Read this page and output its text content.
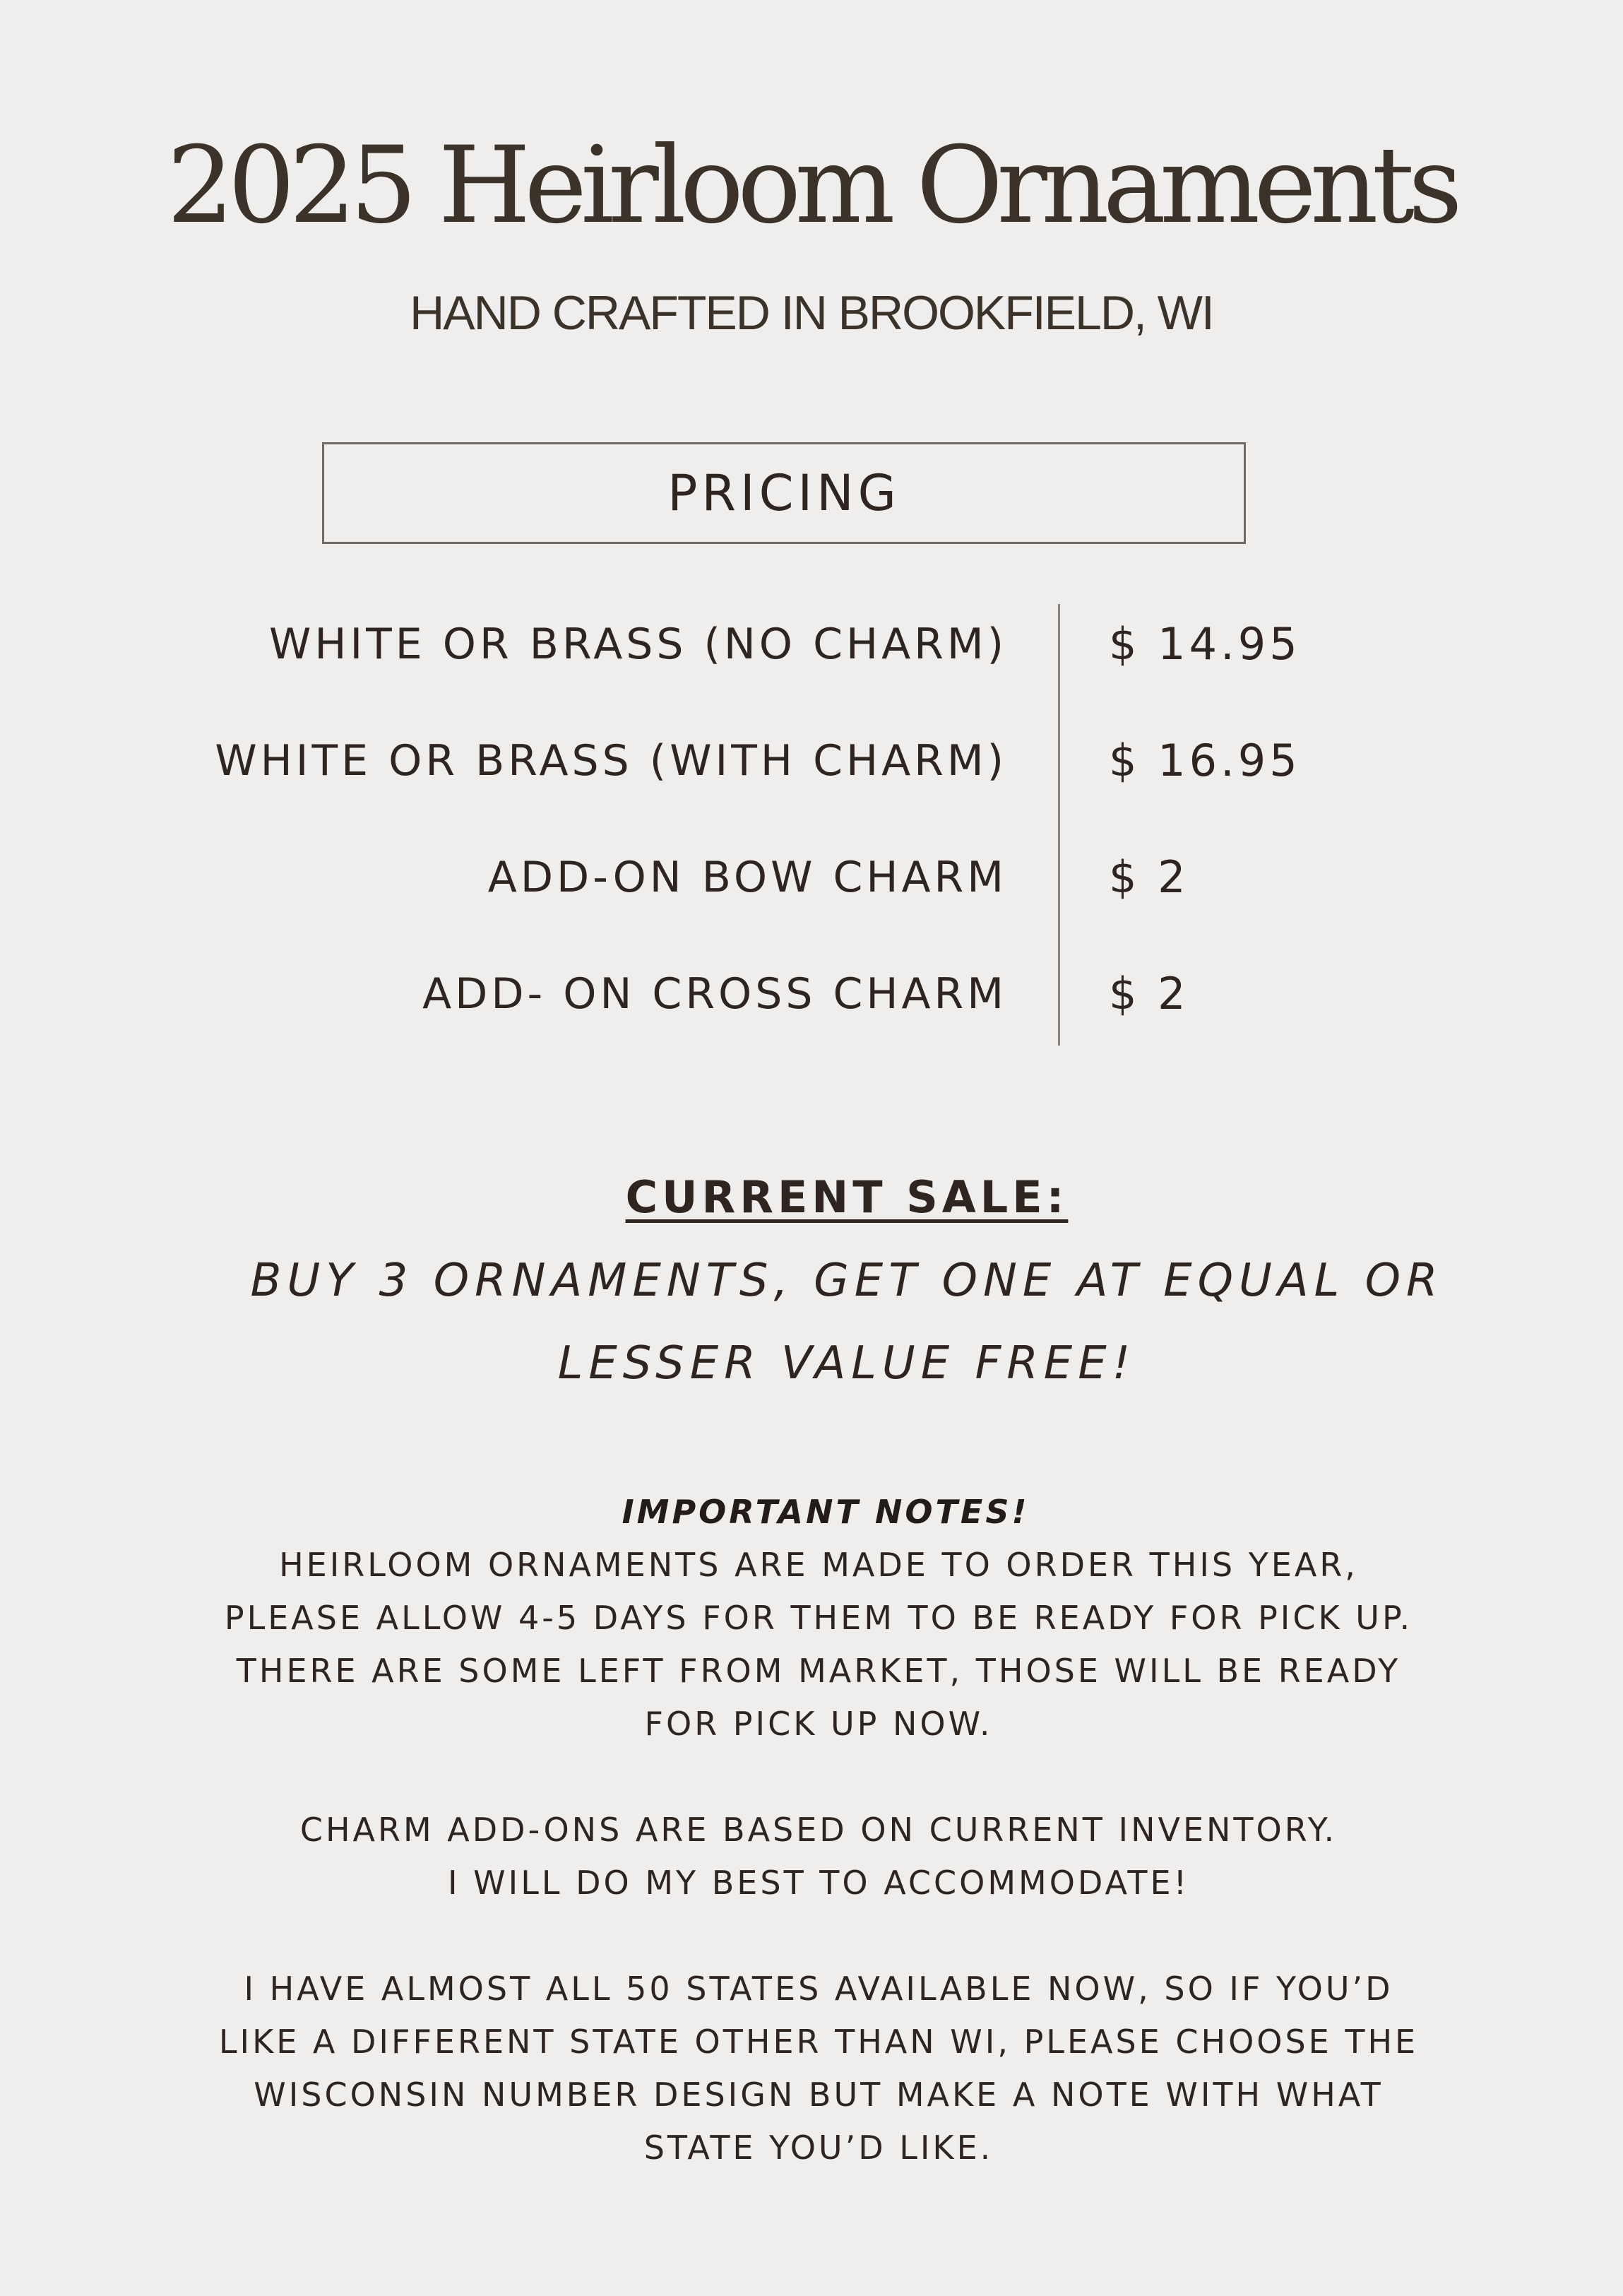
2025 Heirloom Ornaments
HAND CRAFTED IN BROOKFIELD, WI
PRICING
WHITE OR BRASS (NO CHARM) $ 14.95
WHITE OR BRASS (WITH CHARM) $ 16.95
ADD-ON BOW CHARM $ 2
ADD- ON CROSS CHARM $ 2
CURRENT SALE:
BUY 3 ORNAMENTS, GET ONE AT EQUAL OR
LESSER VALUE FREE!
IMPORTANT NOTES!
HEIRLOOM ORNAMENTS ARE MADE TO ORDER THIS YEAR,
PLEASE ALLOW 4-5 DAYS FOR THEM TO BE READY FOR PICK UP.
THERE ARE SOME LEFT FROM MARKET, THOSE WILL BE READY
FOR PICK UP NOW.
CHARM ADD-ONS ARE BASED ON CURRENT INVENTORY.
I WILL DO MY BEST TO ACCOMMODATE!
I HAVE ALMOST ALL 50 STATES AVAILABLE NOW, SO IF YOU’D
LIKE A DIFFERENT STATE OTHER THAN WI, PLEASE CHOOSE THE
WISCONSIN NUMBER DESIGN BUT MAKE A NOTE WITH WHAT
STATE YOU’D LIKE.
